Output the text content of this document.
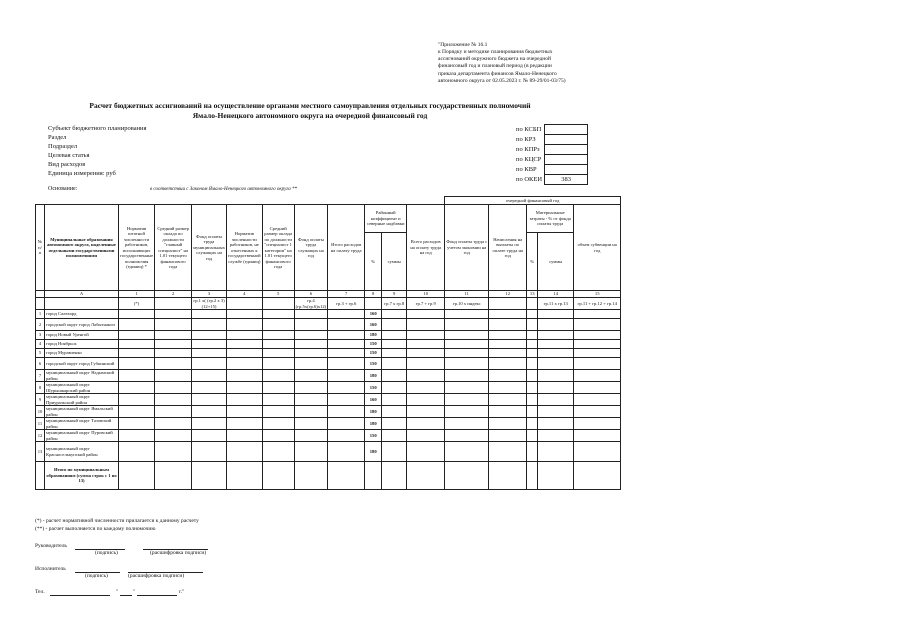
"Приложение № 16.1
к Порядку и методике планирования бюджетных
ассигнований окружного бюджета на очередной
финансовый год и плановый период (в редакции
приказа департамента финансов Ямало-Ненецкого
автономного округа от 02.05.2023 г. № 89-29/01-03/75)
Расчет бюджетных ассигнований на осуществление органами местного самоуправления отдельных государственных полномочий
Ямало-Ненецкого автономного округа на очередной финансовый год
Субъект бюджетного планирования
Раздел
Подраздел
Целевая статья
Вид расходов
Единица измерения: руб
по КСБП	
по КРЗ	
по КПРз	
по КЦСР	
по КВР	
по ОКЕИ	383
Основание:	в соответствии с Законом Ямало-Ненецкого автономного округа **
												очередной финансовый год				
№ п/п	Муниципальные образования автономного округа, наделенные отдельными государственными полномочиями	Норматив штатной численности работников, исполняющих государственные полномочия (единиц) *	Средний размер оклада по должности "главный специалист" на 1.01 текущего финансового года	Фонд оплаты труда муниципальных служащих на год	Норматив численности работников, не отнесенных к государственной службе (единиц)	Средний размер оклада по должности "специалист 1 категории" на 1.01 текущего финансового года	Фонд оплаты труда служащих на год	Итого расходов на оплату труда	Районный коэффициент и северные надбавки		Всего расходов на оплату труда на год	Фонд оплаты труда с учетом экономии на год	Начисления на выплаты по оплате труда на год	Материальные затраты - % от фонда оплаты труда		объем субвенции на год
									%	суммы				%	суммы	
	А	1	2	3	4	5	6	7	8	9	10	11	12	13	14	15
		(*)		гр.1 х( (гр.2 х 3)(12+15)			гр.4 (гр.5х(гр.6)х12)	гр.3 + гр.6		гр.7 х гр.8	гр.7 + гр.9	гр.10 х индекс			гр.11 х гр.13	гр.11 + гр.12 + гр.14
1	город Салехард								160							
2	городской округ город Лабытнанги								160							
3	город Новый Уренгой								180							
4	город Ноябрьск								150							
5	город Муравленко								150							
6	городской округ город Губкинский								150							
7	муниципальный округ Надымский район								180							
8	муниципальный округ Шурышкарский район								150							
9	муниципальный округ Приуральский район								160							
10	муниципальный округ Ямальский район								180							
11	муниципальный округ Тазовский район								180							
12	муниципальный округ Пуровский район								150							
13	муниципальный округ Красноселькупский район								180							
	Итого по муниципальным образованиям (сумма строк с 1 по 13)															
(*) - расчет нормативной численности прилагается к данному расчету
(**) - расчет выполняется по каждому полномочию
Руководитель
(подпись)	(расшифровка подписи)
Исполнитель
(подпись)	(расшифровка подписи)
Тел.	"	"	г."
